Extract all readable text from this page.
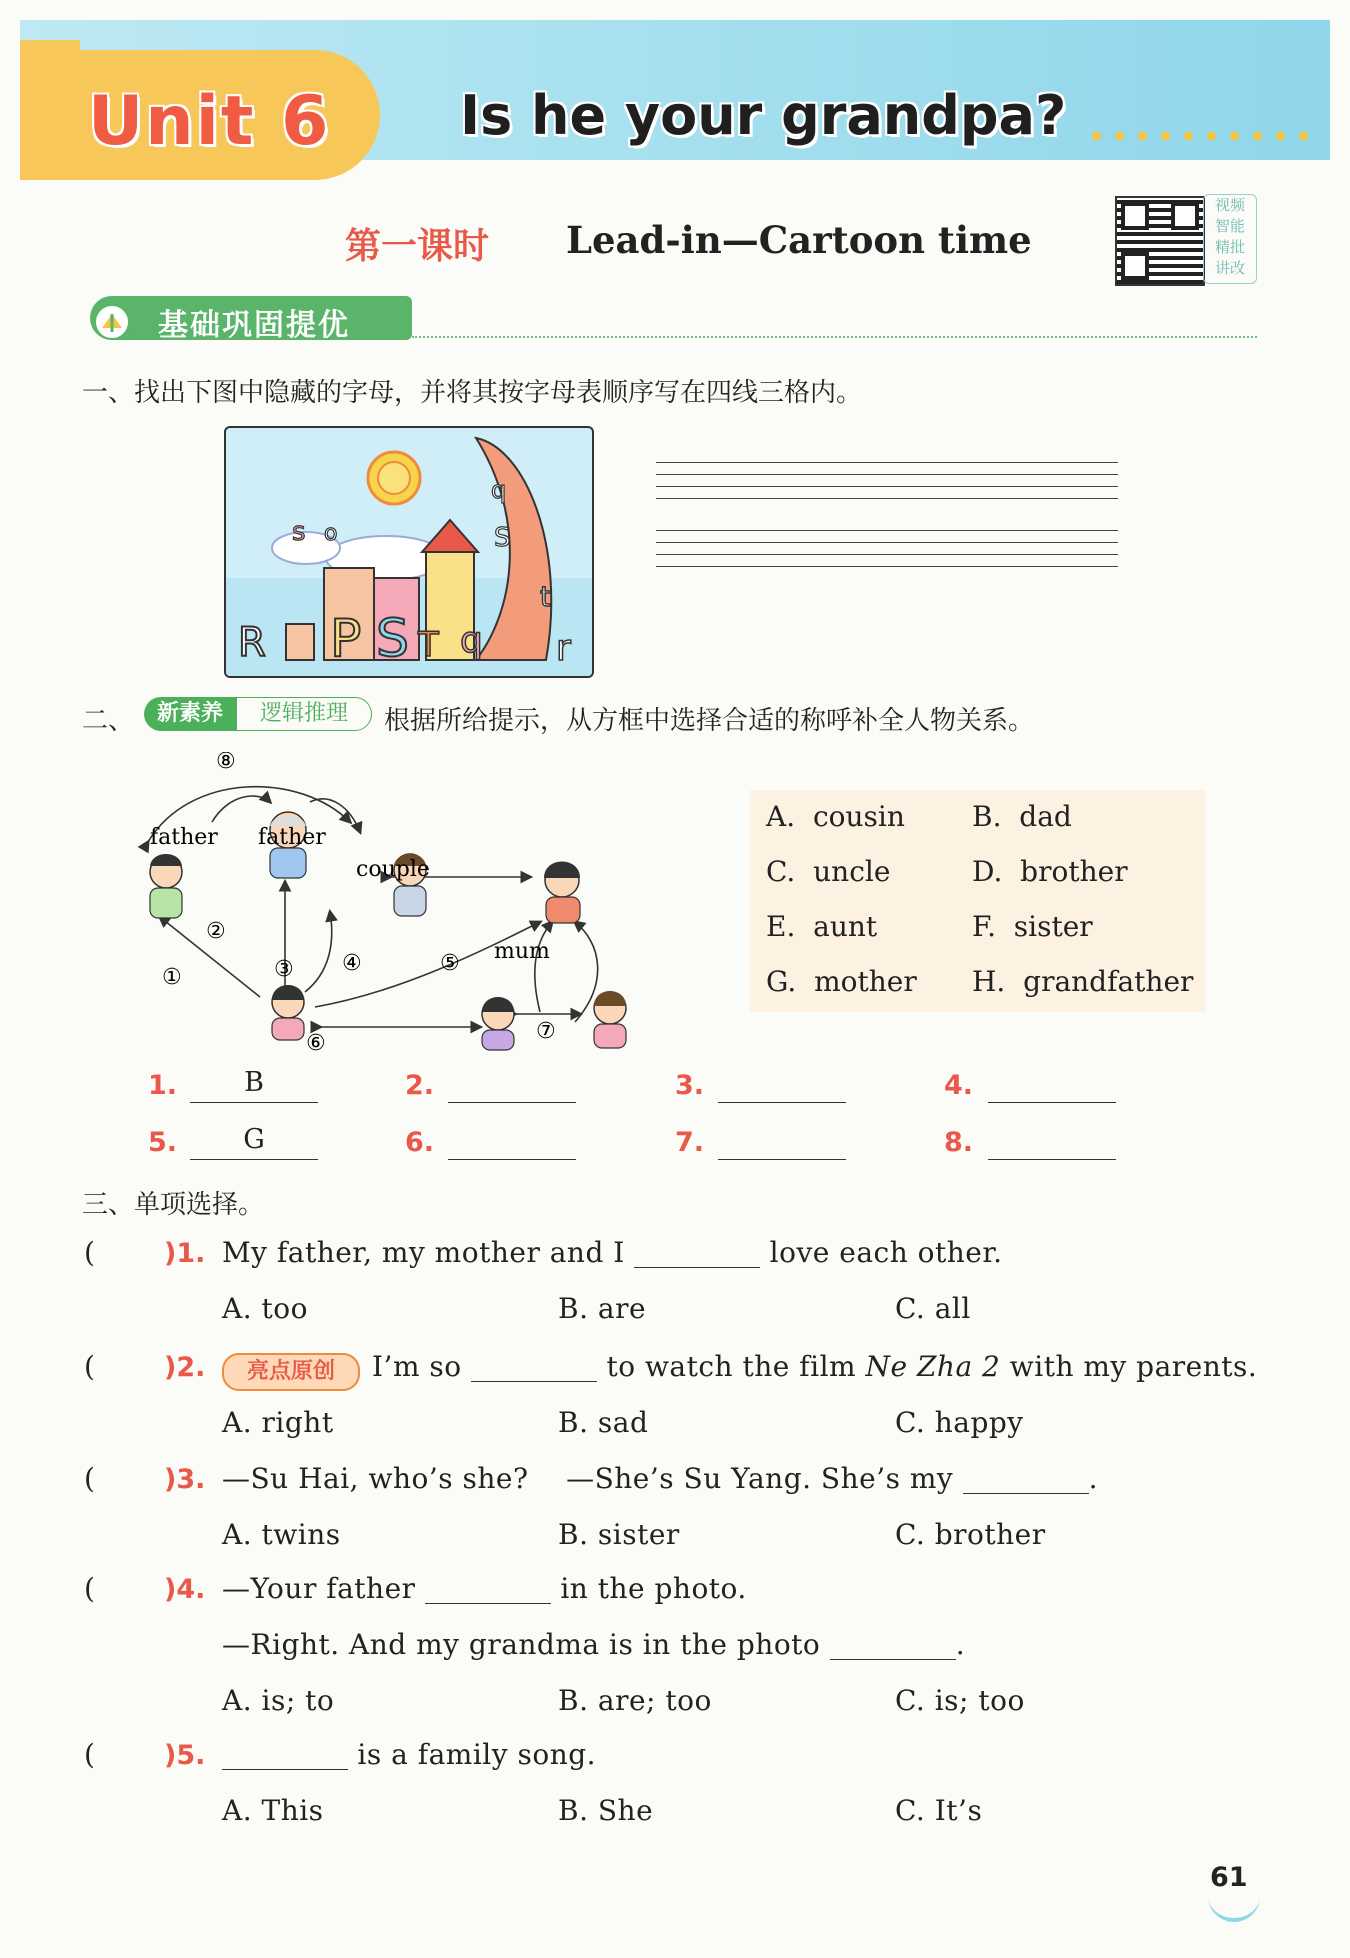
Unit 6 Is he your grandpa?
第一课时 Lead-in—Cartoon time
视频
智能
精批
讲改
基础巩固提优
一、找出下图中隐藏的字母，并将其按字母表顺序写在四线三格内。
R P S T q
t
r
s
q
S
o
二、	新素养	逻辑推理	根据所给提示，从方框中选择合适的称呼补全人物关系。
father father
couple
mum
⑧
①
②
③ ④	⑤
⑥	⑦
A. cousin B. dad
C. uncle	D. brother
E. aunt	F. sister
G. mother H. grandfather
1.	B	2.	3.	4.
5.	G	6.	7.	8.
三、单项选择。
(	)1. My father, my mother and I	love each other.
A. too	B. are	C. all
(	)2.	亮点原创	I’m so	to watch the film Ne Zha 2 with my parents.
A. right	B. sad	C. happy
(	)3. —Su Hai, who’s she?    —She’s Su Yang. She’s my	.
A. twins	B. sister	C. brother
(	)4. —Your father	in the photo.
—Right. And my grandma is in the photo	.
A. is; to	B. are; too	C. is; too
(	)5.	is a family song.
A. This	B. She	C. It’s
61
